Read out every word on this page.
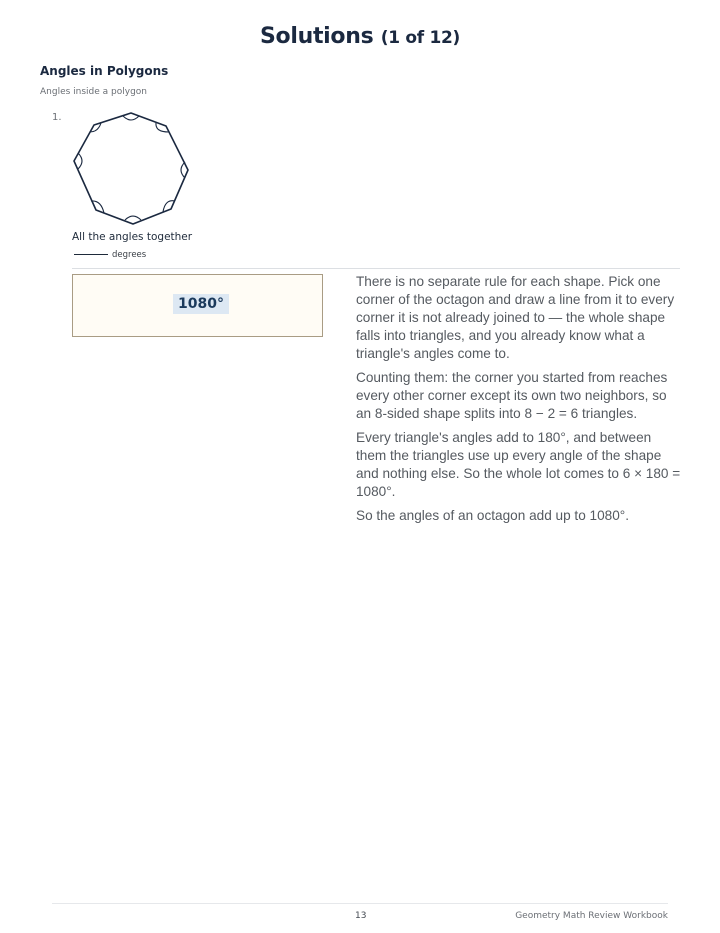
Solutions (1 of 12)
Angles in Polygons
Angles inside a polygon
1.
All the angles together
degrees
1080°

There is no separate rule for each shape. Pick one corner of the octagon and draw a line from it to every corner it is not already joined to — the whole shape falls into triangles, and you already know what a triangle's angles come to.

Counting them: the corner you started from reaches every other corner except its own two neighbors, so an 8-sided shape splits into 8 − 2 = 6 triangles.

Every triangle's angles add to 180°, and between them the triangles use up every angle of the shape and nothing else. So the whole lot comes to 6 × 180 = 1080°.

So the angles of an octagon add up to 1080°.

13	Geometry Math Review Workbook
